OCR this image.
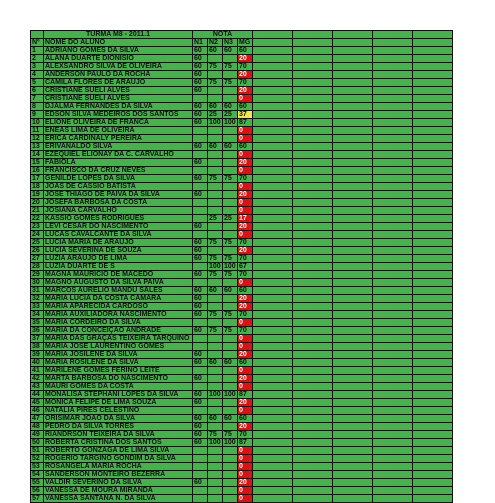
	TURMA M8 - 2011.1	NOTA								
Nº	NOME DO ALUNO	N1	N2	N3	MG					
1	ADRIANO GOMES DA SILVA	60	60	60	60					
2	ALANA DUARTE DIONISIO	60			20					
3	ALEXSANDRO SILVA DE OLIVEIRA	60	75	75	70					
4	ANDERSON PAULO DA ROCHA	60			20					
5	CAMILA FLORES DE ARAUJO	60	75	75	70					
6	CRISTIANE SUELI ALVES	60			20					
7	CRISTIANE SUELI ALVES				0					
8	DJALMA FERNANDES DA SILVA	60	60	60	60					
9	EDSON SILVA MEDEIROS DOS SANTOS	60	25	25	37					
10	ELIONE OLIVEIRA DE FRANCA	60	100	100	87					
11	ENEAS LIMA DE OLIVEIRA				0					
12	ERICA CARDINALY PEREIRA				0					
13	ERIVANALDO SILVA	60	60	60	60					
14	EZEQUIEL ELIONAY DA C. CARVALHO				0					
15	FABIOLA	60			20					
16	FRANCISCO DA CRUZ NEVES				0					
17	GENILDE LOPES DA SILVA	60	75	75	70					
18	JOAS DE CASSIO BATISTA				0					
19	JOSE THIAGO DE PAIVA DA SILVA	60			20					
20	JOSEFA BARBOSA DA COSTA				0					
21	JOSIANA CARVALHO				0					
22	KASSIO GOMES RODRIGUES		25	25	17					
23	LEVI CESAR DO NASCIMENTO	60			20					
24	LUCAS CAVALCANTE DA SILVA				0					
25	LUCIA MARIA DE ARAUJO	60	75	75	70					
26	LUCIA SEVERINA DE SOUZA	60			20					
27	LUZIA ARAUJO DE LIMA	60	75	75	70					
28	LUZIA DUARTE DE S		100	100	67					
29	MAGNA MAURICIO DE MACEDO	60	75	75	70					
30	MAGNO AUGUSTO DA SILVA PAIVA				0					
31	MARCOS AURELIO MANDU SALES	60	60	60	60					
32	MARIA LUCIA DA COSTA CAMARA	60			20					
33	MARIA APARECIDA CARDOSO	60			20					
34	MARIA AUXILIADORA NASCIMENTO	60	75	75	70					
35	MARIA CORDEIRO DA SILVA				0					
36	MARIA DA CONCEIÇÃO ANDRADE	60	75	75	70					
37	MARIA DAS GRAÇAS TEIXEIRA TARQUINO				0					
38	MARIA JOSE LAURENTINO GOMES				0					
39	MARIA JOSILENE DA SILVA	60			20					
40	MARIA ROSILENE DA SILVA	60	60	60	60					
41	MARILENE GOMES FERINO LEITE				0					
42	MARTA BARBOSA DO NASCIMENTO	60			20					
43	MAURI GOMES DA COSTA				0					
44	MONALISA STEPHANI LOPES DA SILVA	60	100	100	87					
45	MONICA FELIPE DE LIMA SOUZA	60			20					
46	NATALIA PIRES CELESTINO				0					
47	ORISIMAR JOAO DA SILVA	60	60	60	60					
48	PEDRO DA SILVA TORRES	60			20					
49	RIANDRSON TEIXEIRA DA SILVA	60	75	75	70					
50	ROBERTA CRISTINA DOS SANTOS	60	100	100	87					
51	ROBERTO GONZAGA DE LIMA SILVA				0					
52	ROGERIO TARGINO GONDIM DA SILVA				0					
53	ROSANGELA MARIA ROCHA				0					
54	SANDERSON MONTEIRO BEZERRA				0					
55	VALDIR SEVERINO DA SILVA	60			20					
56	VANESSA DE MOURA MIRANDA				0					
57	VANESSA SANTANA N. DA SILVA				0					
